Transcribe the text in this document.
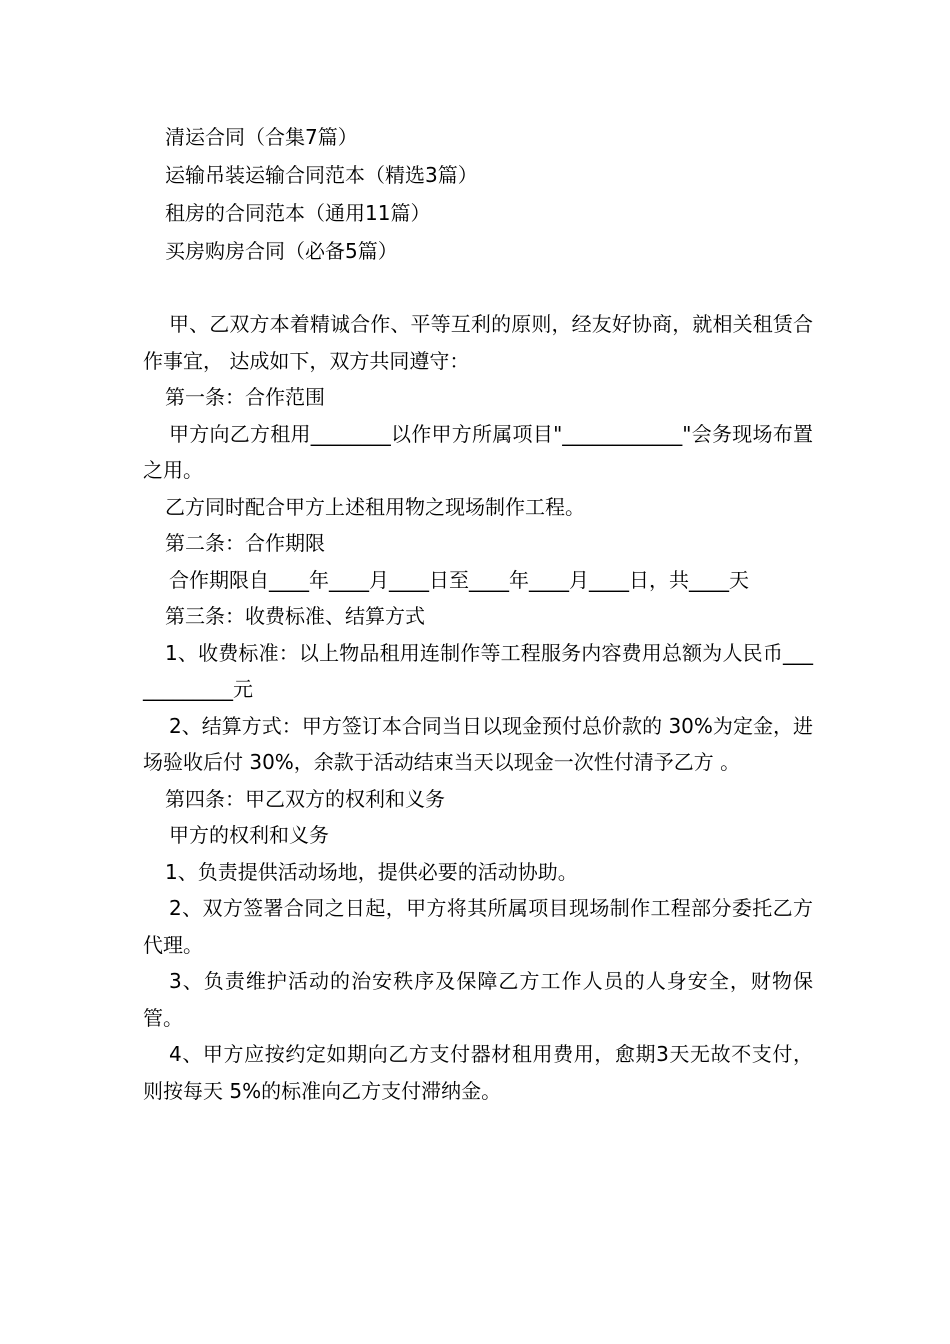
清运合同（合集7篇）
运输吊装运输合同范本（精选3篇）
租房的合同范本（通用11篇）
买房购房合同（必备5篇）
甲、乙双方本着精诚合作、平等互利的原则，经友好协商，就相关租赁合作事宜， 达成如下，双方共同遵守：
第一条：合作范围
甲方向乙方租用________以作甲方所属项目"____________"会务现场布置之用。
乙方同时配合甲方上述租用物之现场制作工程。
第二条：合作期限
合作期限自____年____月____日至____年____月____日，共____天
第三条：收费标准、结算方式
1、收费标准：以上物品租用连制作等工程服务内容费用总额为人民币____________元
2、结算方式：甲方签订本合同当日以现金预付总价款的 30%为定金，进场验收后付 30%，余款于活动结束当天以现金一次性付清予乙方 。
第四条：甲乙双方的权利和义务
甲方的权利和义务
1、负责提供活动场地，提供必要的活动协助。
2、双方签署合同之日起，甲方将其所属项目现场制作工程部分委托乙方代理。
3、负责维护活动的治安秩序及保障乙方工作人员的人身安全，财物保管。
4、甲方应按约定如期向乙方支付器材租用费用，愈期3天无故不支付，则按每天 5%的标准向乙方支付滞纳金。
